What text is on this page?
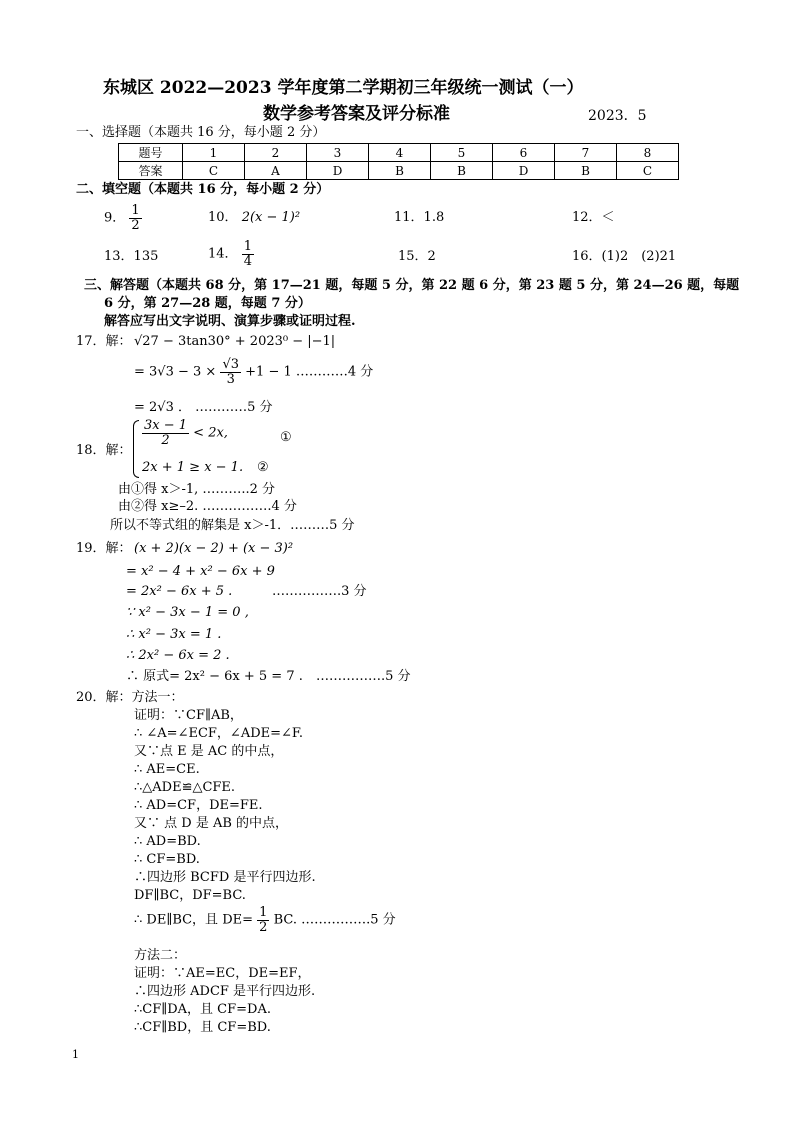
东城区 2022—2023 学年度第二学期初三年级统一测试（一）
数学参考答案及评分标准	2023．5
一、选择题（本题共 16 分，每小题 2 分）
题号	1	2	3	4	5	6	7	8
答案	C	A	D	B	B	D	B	C
二、填空题（本题共 16 分，每小题 2 分）
9． $\frac{1}{2}$	10． 2(x − 1)²	11．1.8	12．＜
13．135	14． $\frac{1}{4}$	15．2	16．(1)2　(2)21
三、解答题（本题共 68 分，第 17—21 题，每题 5 分，第 22 题 6 分，第 23 题 5 分，第 24—26 题，每题
6 分，第 27—28 题，每题 7 分）
解答应写出文字说明、演算步骤或证明过程.
17．解： √27 − 3tan30° + 2023⁰ − |−1|
= $3√3 - 3 \times \frac{√3}{3} +1 - 1$ …………4 分
= 2√3 ． …………5 分
18．解：
$\frac{3x - 1}{2} < 2x$,	①
2x + 1 ≥ x − 1. ②
由①得 x＞-1, ………..2 分
由②得 x≥–2. …………….4 分
所以不等式组的解集是 x＞-1．………5 分
19．解： (x + 2)(x − 2) + (x − 3)²
= x² − 4 + x² − 6x + 9
= 2x² − 6x + 5 .	…………….3 分
∵ x² − 3x − 1 = 0 ,
∴ x² − 3x = 1 .
∴ 2x² − 6x = 2 .
∴ 原式= 2x² − 6x + 5 = 7 . …………….5 分
20．解：方法一：
证明：∵CF∥AB，
∴ ∠A=∠ECF，∠ADE=∠F.
又∵点 E 是 AC 的中点，
∴ AE=CE.
∴△ADE≌△CFE.
∴ AD=CF，DE=FE.
又∵ 点 D 是 AB 的中点，
∴ AD=BD.
∴ CF=BD.
∴四边形 BCFD 是平行四边形.
DF∥BC，DF=BC.
∴ DE∥BC，且 $DE= \frac{1}{2}$ BC. …………….5 分
方法二：
证明：∵AE=EC，DE=EF，
∴四边形 ADCF 是平行四边形.
∴CF∥DA，且 CF=DA.
∴CF∥BD，且 CF=BD.
1
